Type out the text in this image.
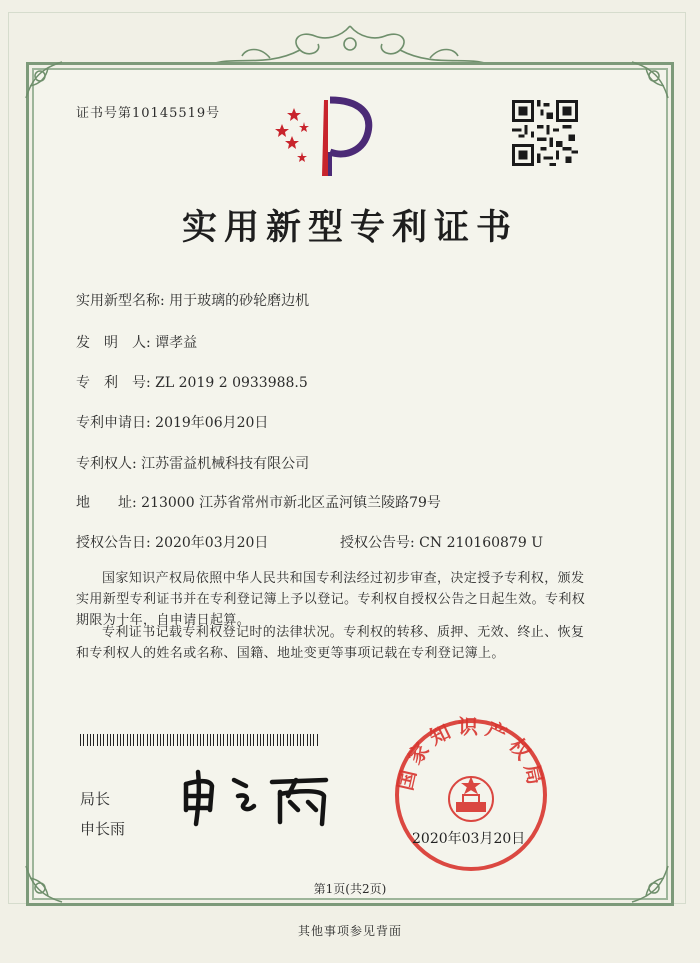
证书号第10145519号
实用新型专利证书
实用新型名称: 用于玻璃的砂轮磨边机
发　明　人: 谭孝益
专　利　号: ZL 2019 2 0933988.5
专利申请日: 2019年06月20日
专利权人: 江苏雷益机械科技有限公司
地　　址: 213000 江苏省常州市新北区孟河镇兰陵路79号
授权公告日: 2020年03月20日	授权公告号: CN 210160879 U
国家知识产权局依照中华人民共和国专利法经过初步审查，决定授予专利权，颁发实用新型专利证书并在专利登记簿上予以登记。专利权自授权公告之日起生效。专利权期限为十年，自申请日起算。
专利证书记载专利权登记时的法律状况。专利权的转移、质押、无效、终止、恢复和专利权人的姓名或名称、国籍、地址变更等事项记载在专利登记簿上。
局长
申长雨
国家知识产权局
2020年03月20日
第1页(共2页)
其他事项参见背面
